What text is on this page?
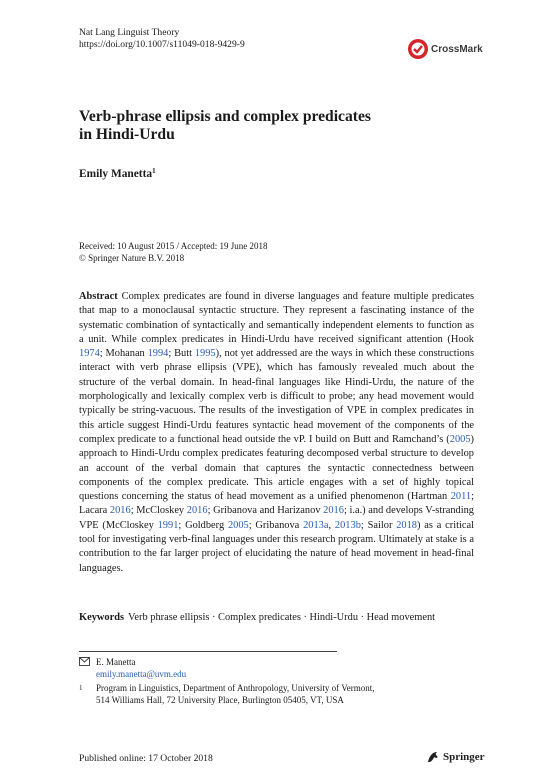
Nat Lang Linguist Theory
https://doi.org/10.1007/s11049-018-9429-9	CrossMark
Verb-phrase ellipsis and complex predicates
in Hindi-Urdu
Emily Manetta$^1$
Received: 10 August 2015 / Accepted: 19 June 2018
© Springer Nature B.V. 2018
Abstract Complex predicates are found in diverse languages and feature multiple predicates that map to a monoclausal syntactic structure. They represent a fascinating instance of the systematic combination of syntactically and semantically independent elements to function as a unit. While complex predicates in Hindi-Urdu have received significant attention (Hook 1974; Mohanan 1994; Butt 1995), not yet addressed are the ways in which these constructions interact with verb phrase ellipsis (VPE), which has famously revealed much about the structure of the verbal domain. In head-final languages like Hindi-Urdu, the nature of the morphologically and lexically complex verb is difficult to probe; any head movement would typically be string-vacuous. The results of the investigation of VPE in complex predicates in this article suggest Hindi-Urdu features syntactic head movement of the components of the complex predicate to a functional head outside the vP. I build on Butt and Ramchand’s (2005) approach to Hindi-Urdu complex predicates featuring decomposed verbal structure to develop an account of the verbal domain that captures the syntactic connectedness between components of the complex predicate. This article engages with a set of highly topical questions concerning the status of head movement as a unified phenomenon (Hartman 2011; Lacara 2016; McCloskey 2016; Gribanova and Harizanov 2016; i.a.) and develops V-stranding VPE (McCloskey 1991; Goldberg 2005; Gribanova 2013a, 2013b; Sailor 2018) as a critical tool for investigating verb-final languages under this research program. Ultimately at stake is a contribution to the far larger project of elucidating the nature of head movement in head-final languages.
Keywords Verb phrase ellipsis · Complex predicates · Hindi-Urdu · Head movement
E. Manetta
emily.manetta@uvm.edu
1 Program in Linguistics, Department of Anthropology, University of Vermont,
514 Williams Hall, 72 University Place, Burlington 05405, VT, USA
Published online: 17 October 2018	Springer
